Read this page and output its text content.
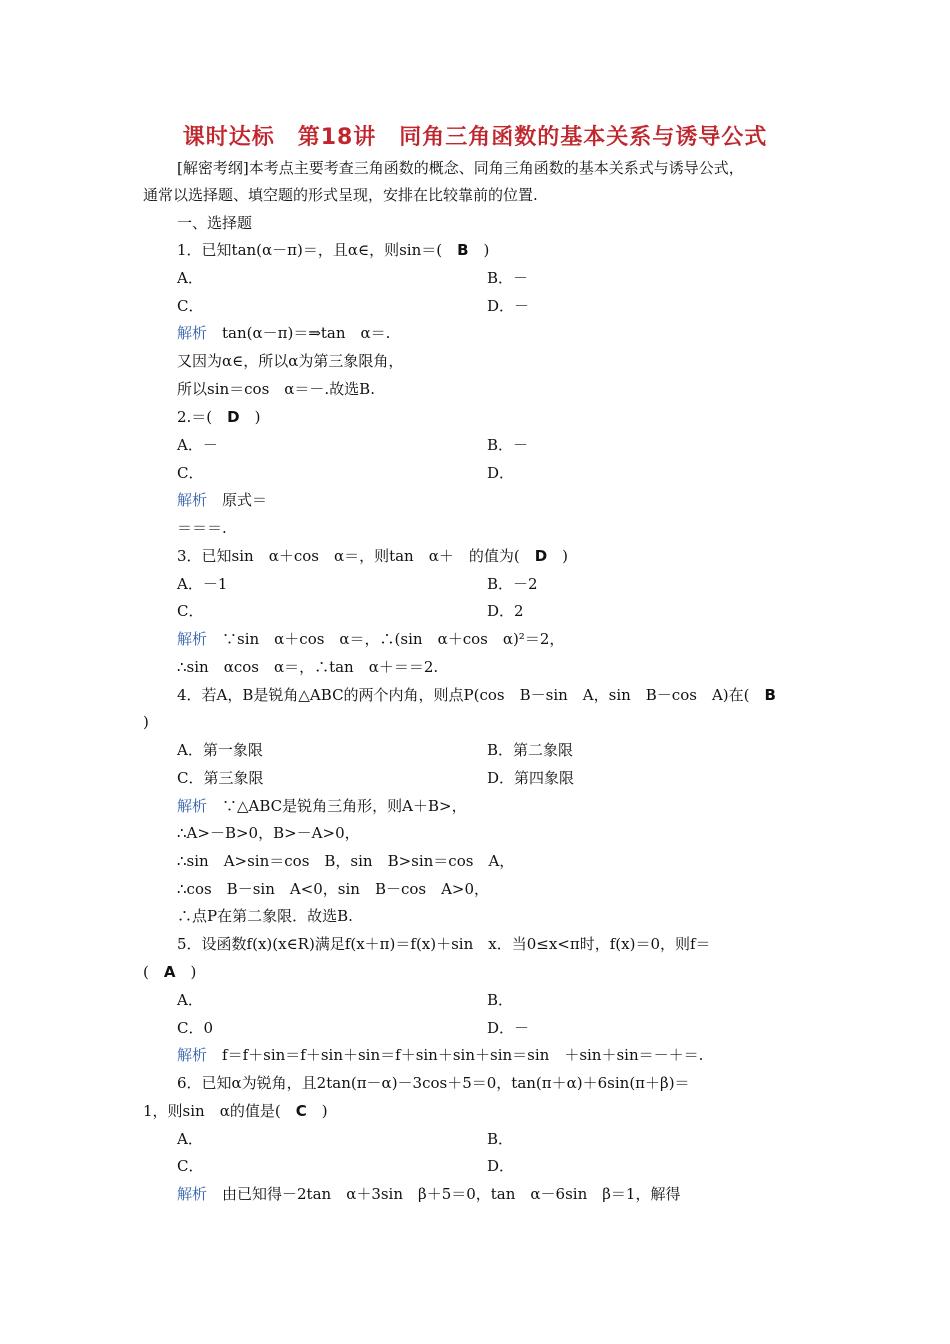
课时达标　第18讲　同角三角函数的基本关系与诱导公式
[解密考纲]本考点主要考查三角函数的概念、同角三角函数的基本关系式与诱导公式，
通常以选择题、填空题的形式呈现，安排在比较靠前的位置.
一、选择题
1．已知tan(α－π)＝，且α∈，则sin＝(　B　)
A．	B．－
C．	D．－
解析　tan(α－π)＝⇒tan　α＝.
又因为α∈，所以α为第三象限角，
所以sin＝cos　α＝－.故选B.
2.＝(　D　)
A．－	B．－
C．	D．
解析　原式＝
＝＝＝.
3．已知sin　α＋cos　α＝，则tan　α＋　的值为(　D　)
A．－1	B．－2
C．	D．2
解析　∵sin　α＋cos　α＝，∴(sin　α＋cos　α)²＝2，
∴sin　αcos　α＝，∴tan　α＋＝＝2.
4．若A，B是锐角△ABC的两个内角，则点P(cos　B－sin　A，sin　B－cos　A)在(　B
)
A．第一象限	B．第二象限
C．第三象限	D．第四象限
解析　∵△ABC是锐角三角形，则A＋B>，
∴A>－B>0，B>－A>0，
∴sin　A>sin＝cos　B，sin　B>sin＝cos　A，
∴cos　B－sin　A<0，sin　B－cos　A>0，
∴点P在第二象限．故选B.
5．设函数f(x)(x∈R)满足f(x＋π)＝f(x)＋sin　x．当0≤x<π时，f(x)＝0，则f＝
(　A　)
A．	B．
C．0	D．－
解析　f＝f＋sin＝f＋sin＋sin＝f＋sin＋sin＋sin＝sin　＋sin＋sin＝－＋＝.
6．已知α为锐角，且2tan(π－α)－3cos＋5＝0，tan(π＋α)＋6sin(π＋β)＝
1，则sin　α的值是(　C　)
A．	B．
C．	D．
解析　由已知得－2tan　α＋3sin　β＋5＝0，tan　α－6sin　β＝1，解得
